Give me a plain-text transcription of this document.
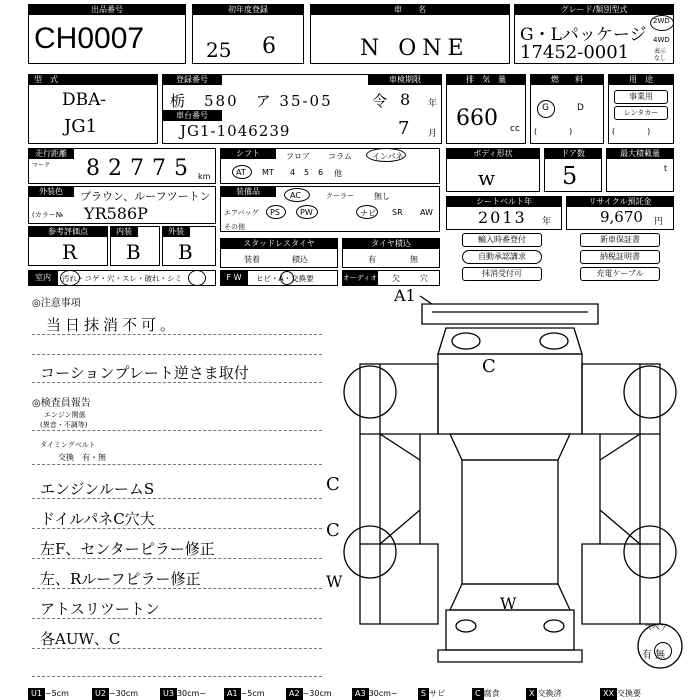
出品番号
CH0007
初年度登録
25 6
車　　名
N ONE
グレード/類別型式
G・Lパッケージ
17452-0001
2WD
4WD
表示なし
型　式
DBA-
JG1
登録番号
栃　580　ア 35-05
車台番号
JG1-1046239
車検期限
令 8 年
7 月
排　気　量
660 cc
燃　　料
G	D
(　　　　)
用　途
事業用
レンタカー
(　　　　)
走行距離
マーク 82775 km
シフト	フロア コラム	インパネ
AT MT 4 5 6 他
ボディ形状
w
ドア数
5
最大積載量
t
外装色	ブラウン、ルーフツートン
(カラー№ YR586P
装備品	AC	クーラー	無し
エアバッグ PS	PW	ナビ SR AW
その他
シートベルト年
2013 年
リサイクル預託金
9,670 円
参考評価点
R
内装
B
外装
B	スタッドレスタイヤ
装着	積込
タイヤ積込
有	無
輸入時番登付	新車保証書
自動承認講求	納税証明書
抹消受付可	充電ケーブル
室内	汚れ・コゲ・穴・スレ・破れ・シミ	F W	ヒビ・A・交換要	オーディオ 欠	穴
◎注意事項
当日抹消不可。
コーションプレート逆さま取付
◎検査員報告
エンジン関係
(異音・不調等)
タイミングベルト
交換　有・無
エンジンルームS
ドイルパネC穴大
左F、センターピラー修正
左、Rルーフピラー修正
アトスリツートン
各AUW、C
A1
C
C
C
W
W
スペア
有 無
U1 ~5cm	U2 ~30cm	U3 30cm~	A1 ~5cm	A2 ~30cm	A3 30cm~	S サビ	C 腐食	X 交換済	XX 交換要
